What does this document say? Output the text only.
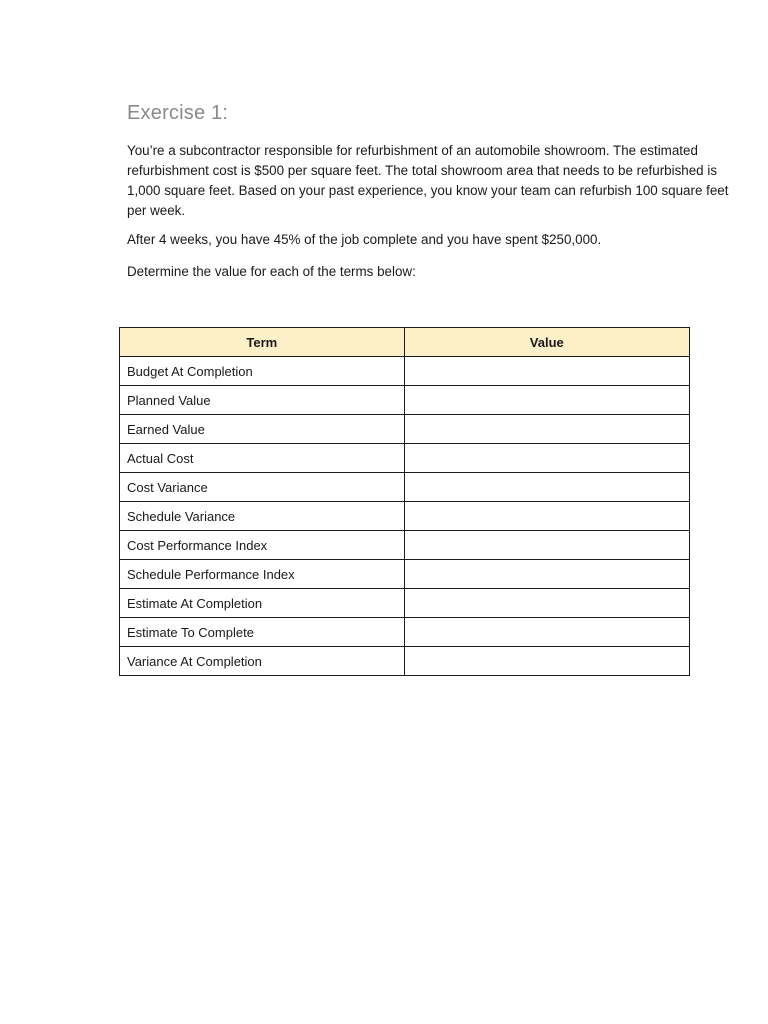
Exercise 1:

You’re a subcontractor responsible for refurbishment of an automobile showroom. The estimated refurbishment cost is $500 per square feet. The total showroom area that needs to be refurbished is 1,000 square feet. Based on your past experience, you know your team can refurbish 100 square feet per week.

After 4 weeks, you have 45% of the job complete and you have spent $250,000.

Determine the value for each of the terms below:

Term	Value
Budget At Completion	
Planned Value	
Earned Value	
Actual Cost	
Cost Variance	
Schedule Variance	
Cost Performance Index	
Schedule Performance Index	
Estimate At Completion	
Estimate To Complete	
Variance At Completion	
